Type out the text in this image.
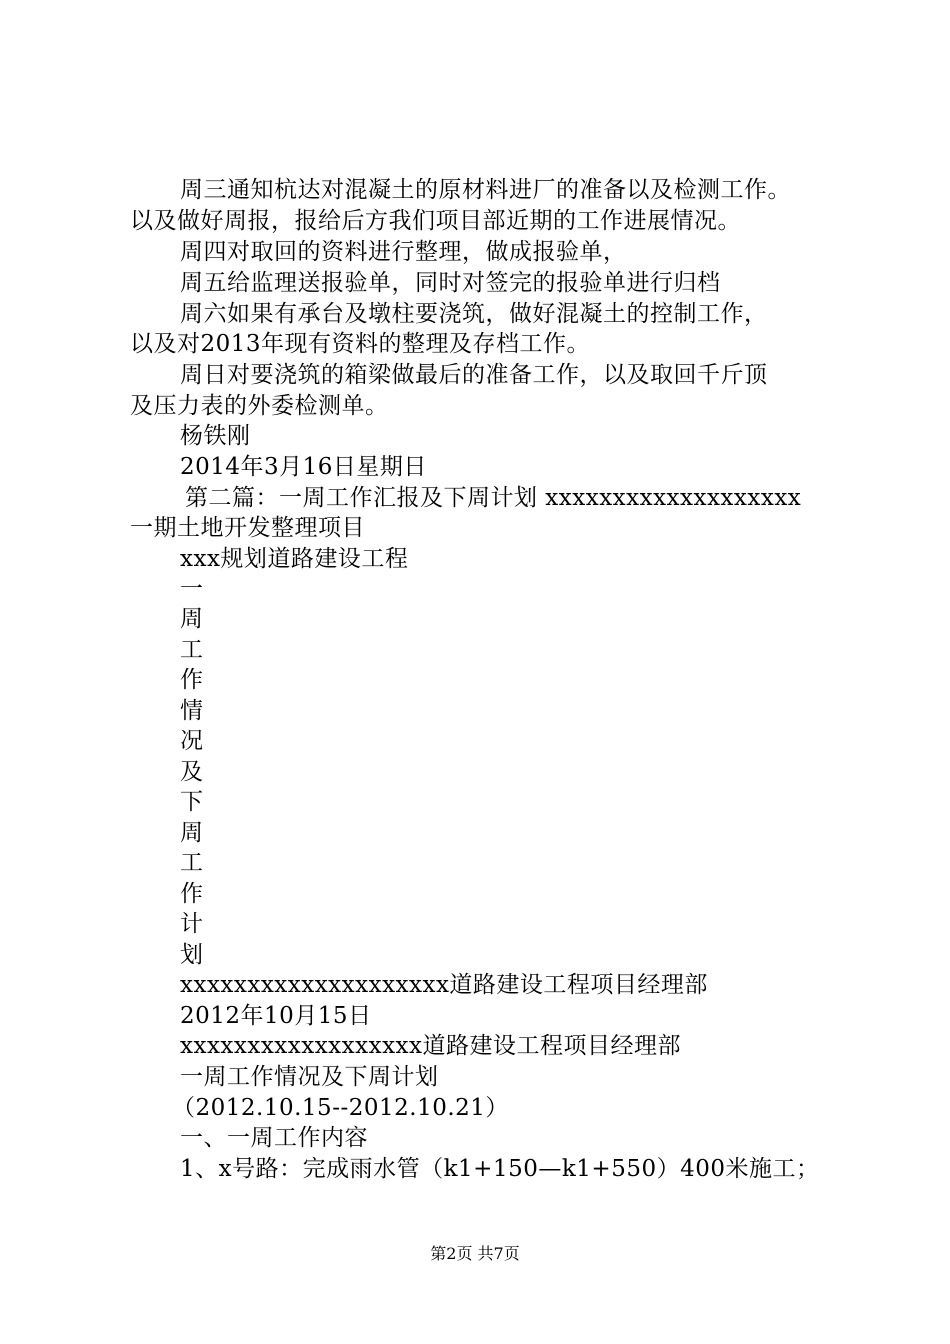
周三通知杭达对混凝土的原材料进厂的准备以及检测工作。
以及做好周报，报给后方我们项目部近期的工作进展情况。
周四对取回的资料进行整理，做成报验单，
周五给监理送报验单，同时对签完的报验单进行归档
周六如果有承台及墩柱要浇筑，做好混凝土的控制工作，
以及对2013年现有资料的整理及存档工作。
周日对要浇筑的箱梁做最后的准备工作，以及取回千斤顶
及压力表的外委检测单。
杨铁刚
2014年3月16日星期日
第二篇：一周工作汇报及下周计划 xxxxxxxxxxxxxxxxxxx
一期土地开发整理项目
xxx规划道路建设工程
一
周
工
作
情
况
及
下
周
工
作
计
划
xxxxxxxxxxxxxxxxxxxx道路建设工程项目经理部
2012年10月15日
xxxxxxxxxxxxxxxxxx道路建设工程项目经理部
一周工作情况及下周计划
（2012.10.15--2012.10.21）
一、一周工作内容
1、x号路：完成雨水管（k1+150—k1+550）400米施工；
第2页 共7页
